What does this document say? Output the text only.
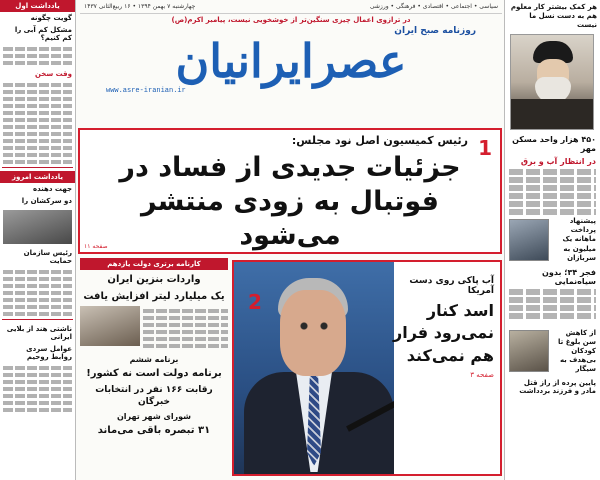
هر کمک بیشتر کار معلوم هم به دست نسل ما نیست
۴۵۰ هزار واحد مسکن مهر
در انتظار آب و برق
پیشنهاد پرداخت ماهانه یک میلیون به سربازان
فجر ۳۴؛ بدون سیاه‌نمایی
از کاهش سن بلوغ تا کودکان بی‌هدف به سیگار
پایین پرده از راز قتل مادر و فرزند بردداشت
یادداشت اول
گویت چگونه
مشکل کم آبی را کم کنیم؟
وقت سخن
یادداشت امروز
جهت دهنده
دو سرکشان را
رئیس سازمان حمایت
ناشتی هند از بلایی ایرانی
عوامل سردی روابط روحیم
سیاسی • اجتماعی • اقتصادی • فرهنگی • ورزشی
چهارشنبه ۷ بهمن ۱۳۹۴ • ۱۶ ربیع‌الثانی ۱۴۳۷
در ترازوی اعمال چیزی سنگین‌تر از خوشخویی نیست، پیامبر اکرم(ص)
روزنامه صبح ایران
عصرایرانیان
www.asre-iranian.ir
1
رئیس کمیسیون اصل نود مجلس:
جزئیات جدیدی از فساد در فوتبال به زودی منتشر می‌شود
صفحه ۱۱
کارنامه برتری دولت یازدهم
واردات بنزین ایران
یک میلیارد لیتر افزایش یافت
برنامه ششم
برنامه دولت است نه کشور!
رقابت ۱۶۶ نفر در انتخابات خبرگان
شورای شهر تهران
۳۱ تبصره باقی می‌ماند
2
آب پاکی روی دست آمریکا
اسد کنار نمی‌رود فرار هم نمی‌کند
صفحه ۳
